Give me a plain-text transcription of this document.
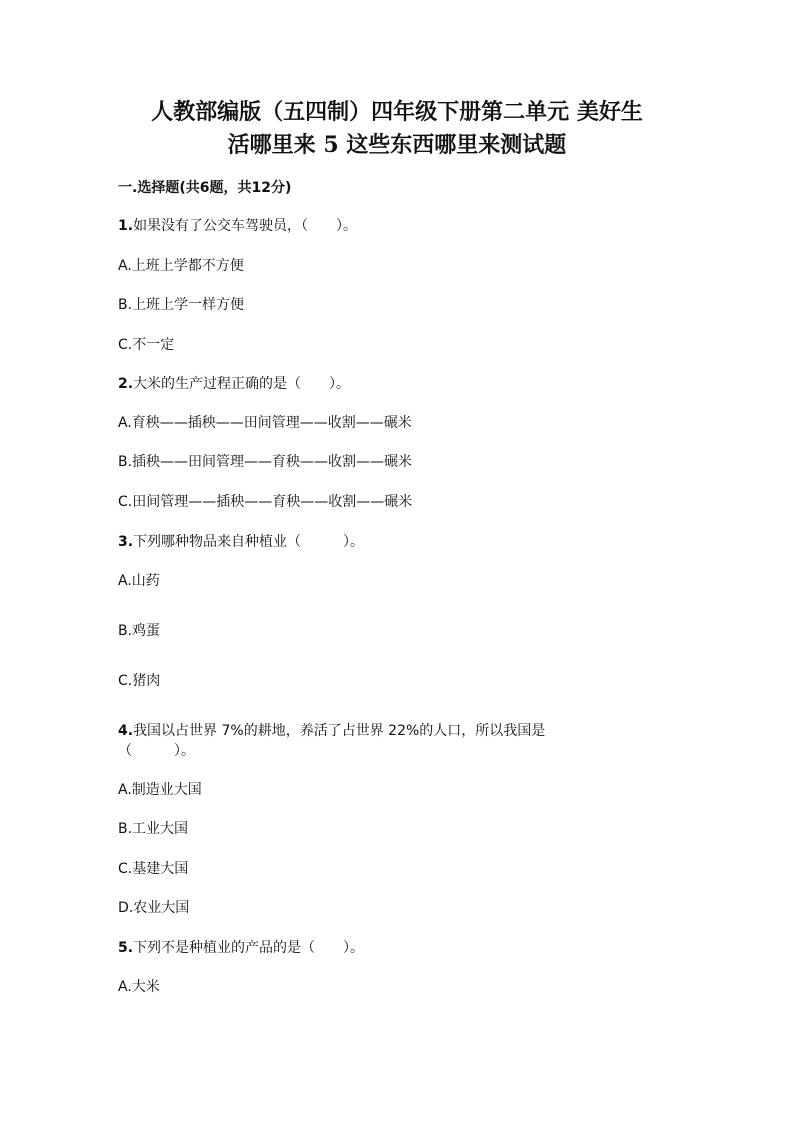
人教部编版（五四制）四年级下册第二单元 美好生
活哪里来 5 这些东西哪里来测试题

一.选择题(共6题，共12分)

1.如果没有了公交车驾驶员，（　　）。

A.上班上学都不方便

B.上班上学一样方便

C.不一定

2.大米的生产过程正确的是（　　）。

A.育秧——插秧——田间管理——收割——碾米

B.插秧——田间管理——育秧——收割——碾米

C.田间管理——插秧——育秧——收割——碾米

3.下列哪种物品来自种植业（　　　）。

A.山药

B.鸡蛋

C.猪肉

4.我国以占世界 7%的耕地，养活了占世界 22%的人口，所以我国是

（　　　）。

A.制造业大国

B.工业大国

C.基建大国

D.农业大国

5.下列不是种植业的产品的是（　　）。

A.大米
